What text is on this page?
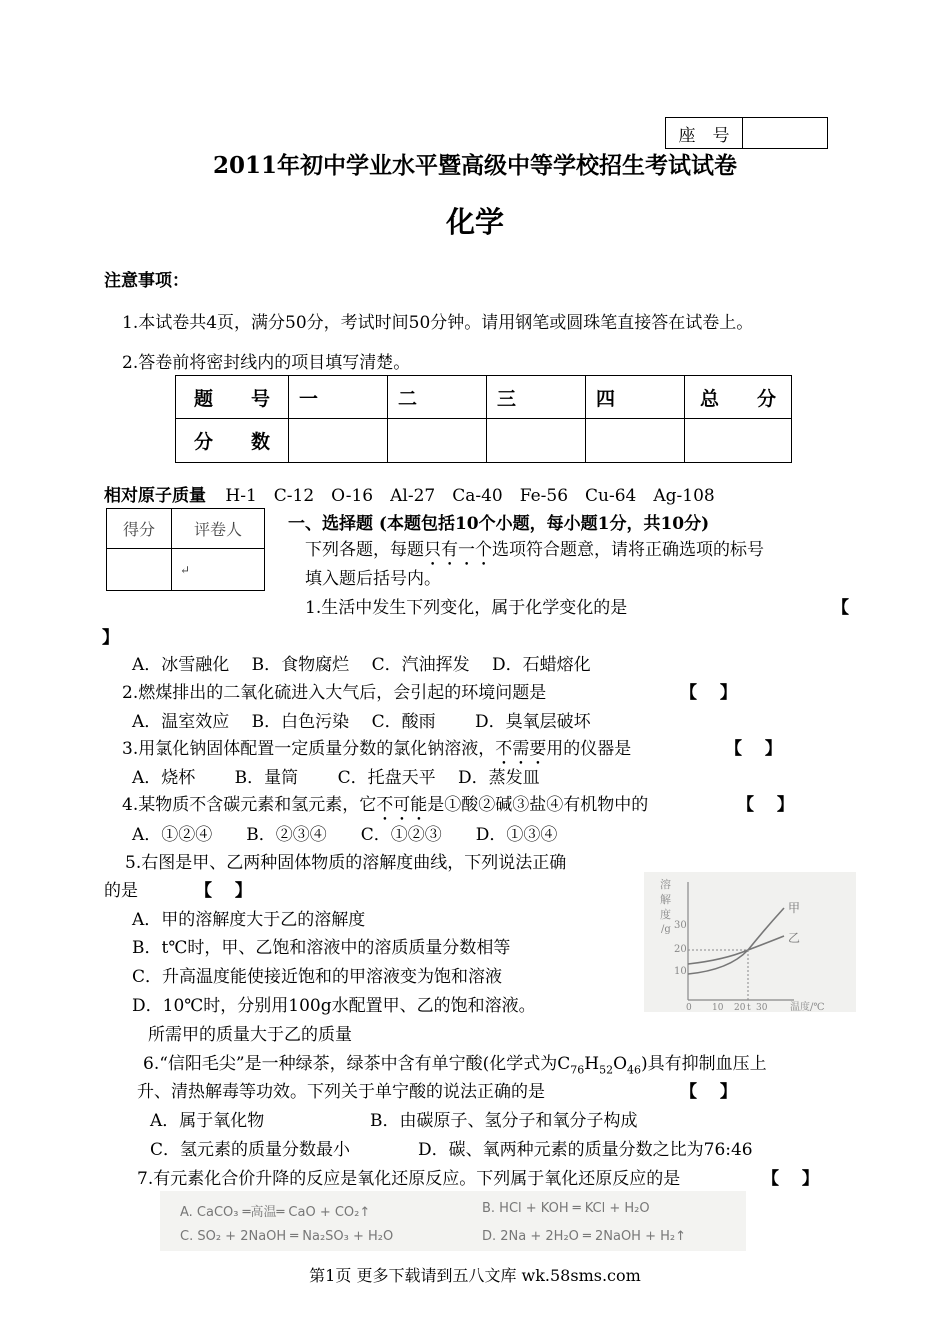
座　号	
2011年初中学业水平暨高级中等学校招生考试试卷
化学
注意事项：
1.本试卷共4页，满分50分，考试时间50分钟。请用钢笔或圆珠笔直接答在试卷上。
2.答卷前将密封线内的项目填写清楚。
题　　号	一	二	三	四	总　　分
分　　数					
相对原子质量 H-1　C-12　O-16　Al-27　Ca-40　Fe-56　Cu-64　Ag-108
得分	评卷人
	↵
一、选择题 (本题包括10个小题，每小题1分，共10分)
下列各题，每题只有一个选项符合题意，请将正确选项的标号
填入题后括号内。
1.生活中发生下列变化，属于化学变化的是	【
】
A．冰雪融化　 B．食物腐烂　 C．汽油挥发　 D．石蜡熔化
2.燃煤排出的二氧化硫进入大气后，会引起的环境问题是	【　 】
A．温室效应　 B．白色污染　 C．酸雨　　 D．臭氧层破坏
3.用氯化钠固体配置一定质量分数的氯化钠溶液，不需要用的仪器是	【　 】
A．烧杯　　 B．量筒　　 C．托盘天平　 D．蒸发皿
4.某物质不含碳元素和氢元素，它不可能是①酸②碱③盐④有机物中的	【　 】
A．①②④　　B．②③④　　C．①②③　　D．①③④
5.右图是甲、乙两种固体物质的溶解度曲线，下列说法正确
的是	【　 】
A．甲的溶解度大于乙的溶解度
B．t℃时，甲、乙饱和溶液中的溶质质量分数相等
C．升高温度能使接近饱和的甲溶液变为饱和溶液
D．10℃时，分别用100g水配置甲、乙的饱和溶液。
所需甲的质量大于乙的质量
溶
解
度
/g 30
20
10
0 10 20 t 30 温度/℃
甲
乙
6.“信阳毛尖”是一种绿茶，绿茶中含有单宁酸(化学式为$C_{76}H_{52}O_{46}$)具有抑制血压上
升、清热解毒等功效。下列关于单宁酸的说法正确的是	【　 】
A．属于氧化物	B．由碳原子、氢分子和氧分子构成
C．氢元素的质量分数最小	D．碳、氧两种元素的质量分数之比为76:46
7.有元素化合价升降的反应是氧化还原反应。下列属于氧化还原反应的是	【　 】
A. CaCO₃ ═高温═ CaO + CO₂↑	B. HCl + KOH ═ KCl + H₂O
C. SO₂ + 2NaOH ═ Na₂SO₃ + H₂O	D. 2Na + 2H₂O ═ 2NaOH + H₂↑
第1页 更多下载请到五八文库 wk.58sms.com
